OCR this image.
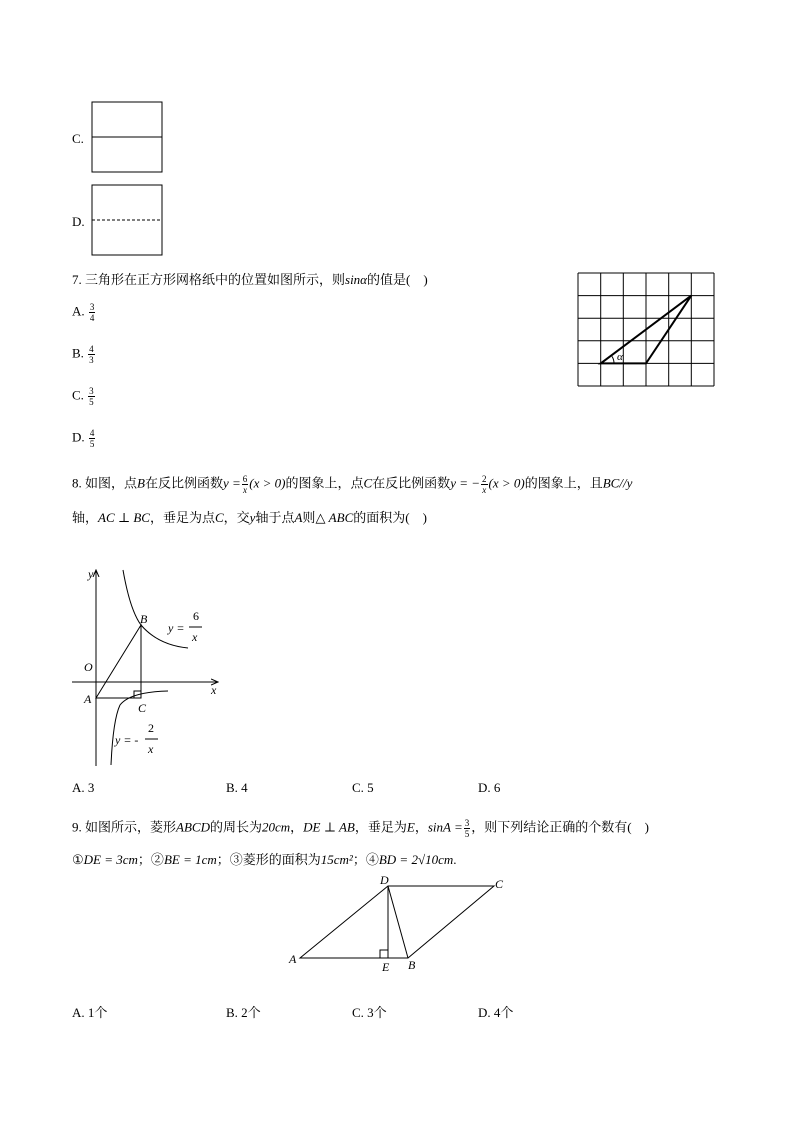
C.
D.
7. 三角形在正方形网格纸中的位置如图所示，则sinα的值是(　)
A. $\frac{3}{4}$
B. $\frac{4}{3}$
C. $\frac{3}{5}$
D. $\frac{4}{5}$
α
8. 如图，点B在反比例函数$y = \frac{6}{x} (x > 0)$的图象上，点C在反比例函数y = − $\frac{2}{x} (x > 0)$的图象上，且BC//y
轴，AC ⊥ BC，垂足为点C，交y轴于点A则△ ABC的面积为(　)
y
x
O
A
B
C
y =
6
x
y = -
2
x
A. 3	B. 4	C. 5	D. 6
9. 如图所示，菱形ABCD的周长为20cm，DE ⊥ AB，垂足为E，$\sin A = \frac{3}{5}$ ，则下列结论正确的个数有(　)
①DE = 3cm；②BE = 1cm；③菱形的面积为15cm²；④BD = 2√10cm.
A
D	C
E B
A. 1个	B. 2个	C. 3个	D. 4个
